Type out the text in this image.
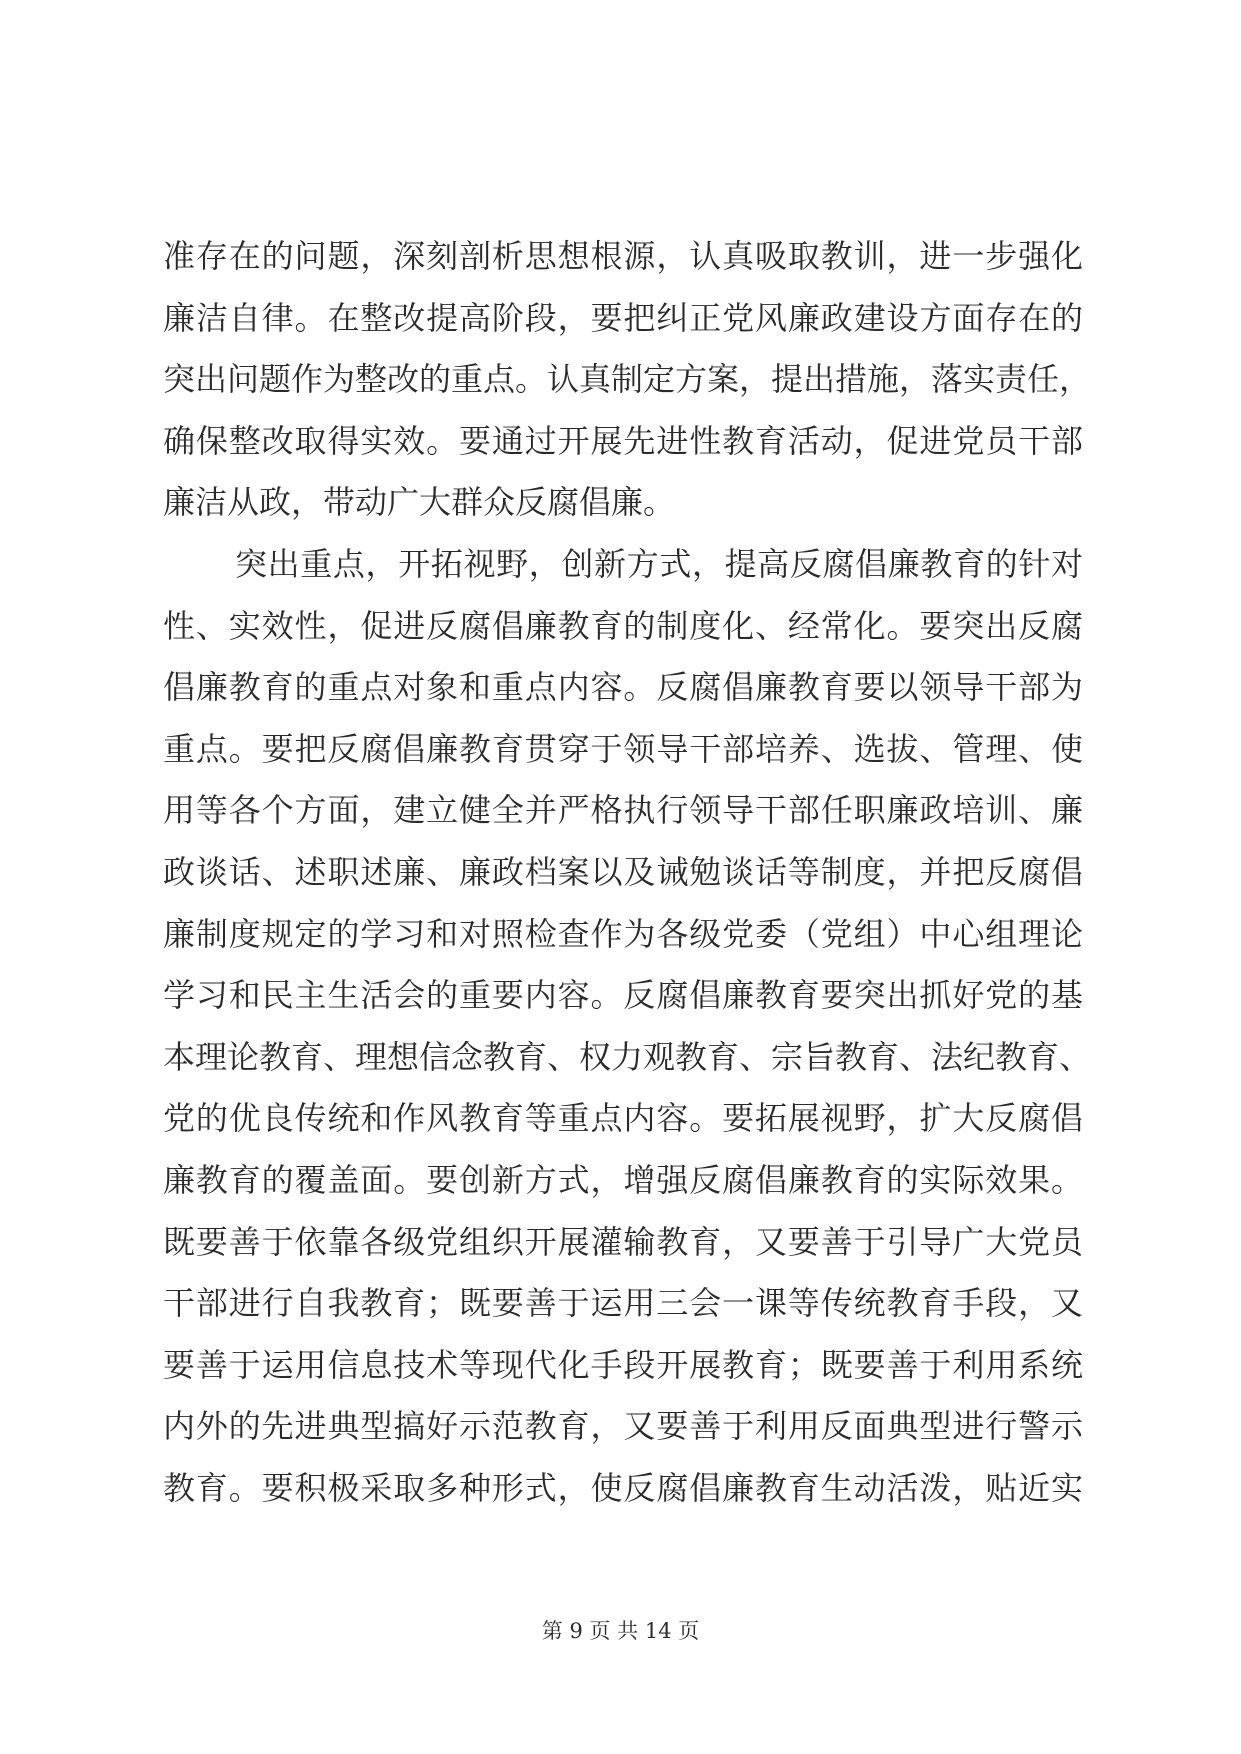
准存在的问题，深刻剖析思想根源，认真吸取教训，进一步强化
廉洁自律。在整改提高阶段，要把纠正党风廉政建设方面存在的
突出问题作为整改的重点。认真制定方案，提出措施，落实责任，
确保整改取得实效。要通过开展先进性教育活动，促进党员干部
廉洁从政，带动广大群众反腐倡廉。
突出重点，开拓视野，创新方式，提高反腐倡廉教育的针对
性、实效性，促进反腐倡廉教育的制度化、经常化。要突出反腐
倡廉教育的重点对象和重点内容。反腐倡廉教育要以领导干部为
重点。要把反腐倡廉教育贯穿于领导干部培养、选拔、管理、使
用等各个方面，建立健全并严格执行领导干部任职廉政培训、廉
政谈话、述职述廉、廉政档案以及诫勉谈话等制度，并把反腐倡
廉制度规定的学习和对照检查作为各级党委（党组）中心组理论
学习和民主生活会的重要内容。反腐倡廉教育要突出抓好党的基
本理论教育、理想信念教育、权力观教育、宗旨教育、法纪教育、
党的优良传统和作风教育等重点内容。要拓展视野，扩大反腐倡
廉教育的覆盖面。要创新方式，增强反腐倡廉教育的实际效果。
既要善于依靠各级党组织开展灌输教育，又要善于引导广大党员
干部进行自我教育；既要善于运用三会一课等传统教育手段，又
要善于运用信息技术等现代化手段开展教育；既要善于利用系统
内外的先进典型搞好示范教育，又要善于利用反面典型进行警示
教育。要积极采取多种形式，使反腐倡廉教育生动活泼，贴近实
第 9 页 共 14 页
